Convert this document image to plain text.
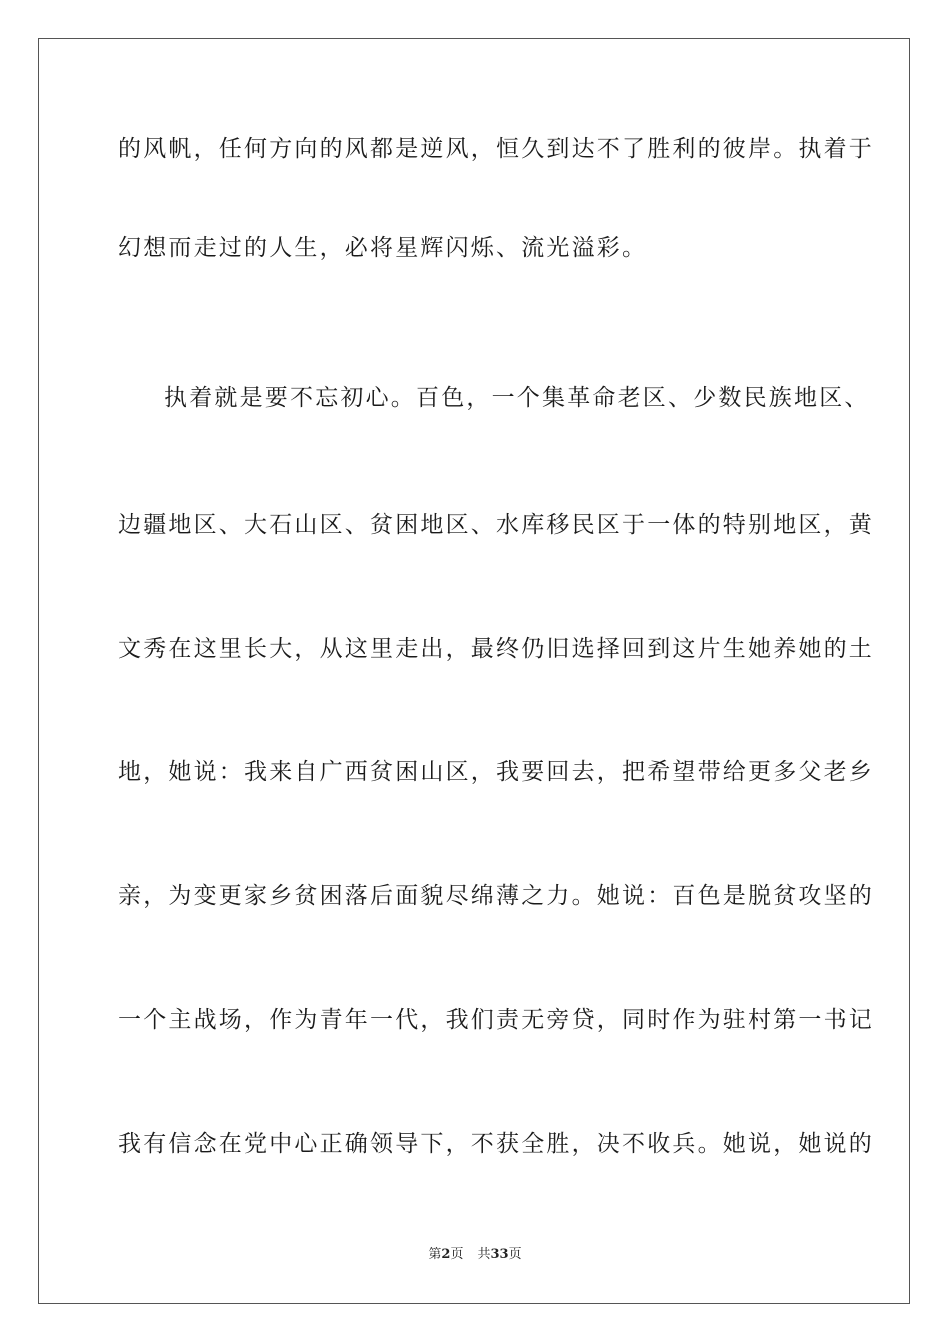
的风帆，任何方向的风都是逆风，恒久到达不了胜利的彼岸。执着于
幻想而走过的人生，必将星辉闪烁、流光溢彩。
执着就是要不忘初心。百色，一个集革命老区、少数民族地区、
边疆地区、大石山区、贫困地区、水库移民区于一体的特别地区，黄
文秀在这里长大，从这里走出，最终仍旧选择回到这片生她养她的土
地，她说：我来自广西贫困山区，我要回去，把希望带给更多父老乡
亲，为变更家乡贫困落后面貌尽绵薄之力。她说：百色是脱贫攻坚的
一个主战场，作为青年一代，我们责无旁贷，同时作为驻村第一书记
我有信念在党中心正确领导下，不获全胜，决不收兵。她说，她说的
第2页 共33页
